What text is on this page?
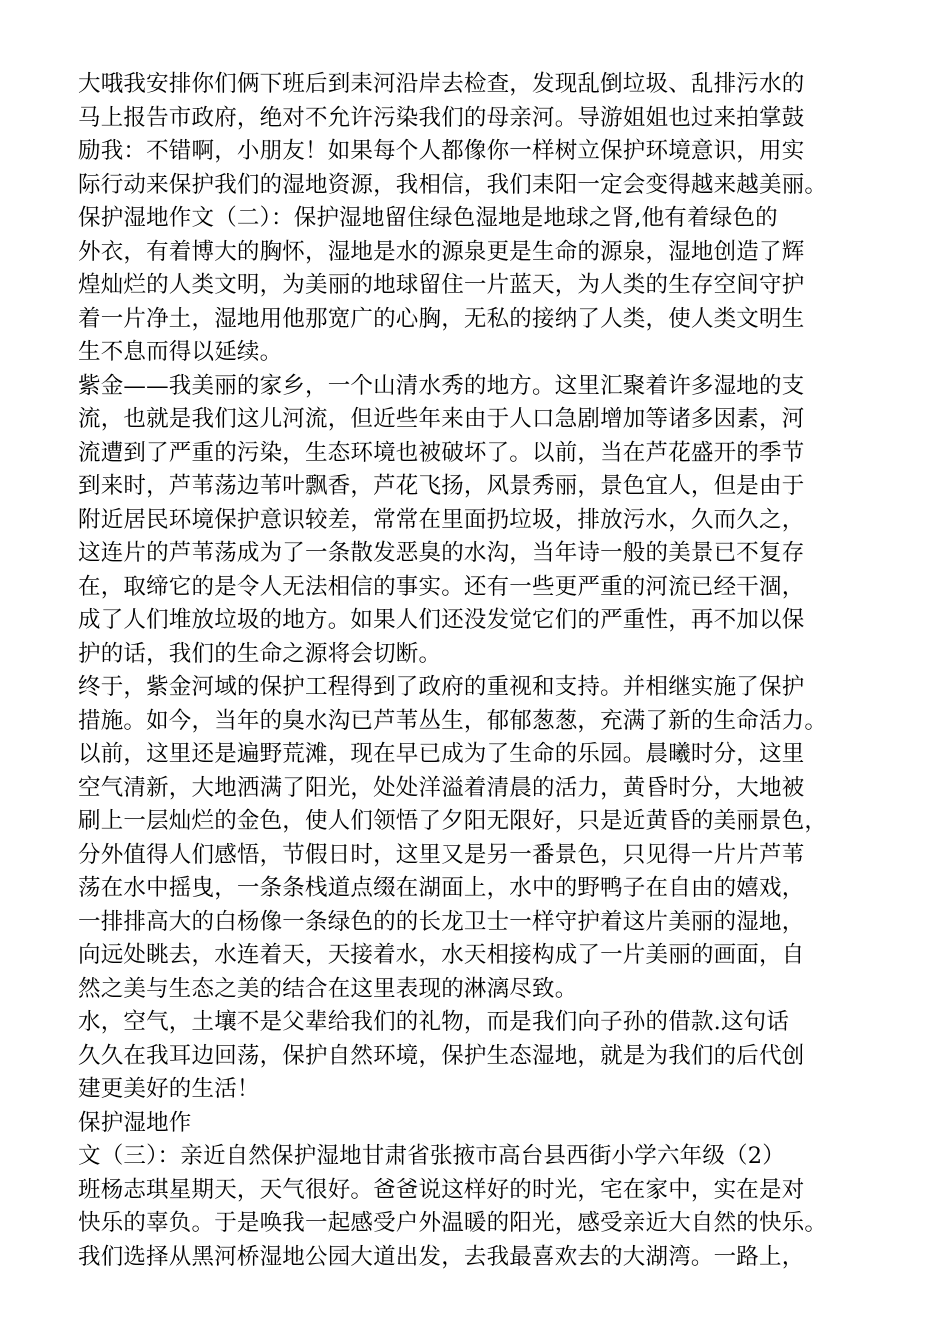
大哦我安排你们俩下班后到耒河沿岸去检查，发现乱倒垃圾、乱排污水的
马上报告市政府，绝对不允许污染我们的母亲河。导游姐姐也过来拍掌鼓
励我：不错啊，小朋友！如果每个人都像你一样树立保护环境意识，用实
际行动来保护我们的湿地资源，我相信，我们耒阳一定会变得越来越美丽。
保护湿地作文（二）：保护湿地留住绿色湿地是地球之肾,他有着绿色的
外衣，有着博大的胸怀，湿地是水的源泉更是生命的源泉，湿地创造了辉
煌灿烂的人类文明，为美丽的地球留住一片蓝天，为人类的生存空间守护
着一片净土，湿地用他那宽广的心胸，无私的接纳了人类，使人类文明生
生不息而得以延续。
紫金——我美丽的家乡，一个山清水秀的地方。这里汇聚着许多湿地的支
流，也就是我们这儿河流，但近些年来由于人口急剧增加等诸多因素，河
流遭到了严重的污染，生态环境也被破坏了。以前，当在芦花盛开的季节
到来时，芦苇荡边苇叶飘香，芦花飞扬，风景秀丽，景色宜人，但是由于
附近居民环境保护意识较差，常常在里面扔垃圾，排放污水，久而久之，
这连片的芦苇荡成为了一条散发恶臭的水沟，当年诗一般的美景已不复存
在，取缔它的是令人无法相信的事实。还有一些更严重的河流已经干涸，
成了人们堆放垃圾的地方。如果人们还没发觉它们的严重性，再不加以保
护的话，我们的生命之源将会切断。
终于，紫金河域的保护工程得到了政府的重视和支持。并相继实施了保护
措施。如今，当年的臭水沟已芦苇丛生，郁郁葱葱，充满了新的生命活力。
以前，这里还是遍野荒滩，现在早已成为了生命的乐园。晨曦时分，这里
空气清新，大地洒满了阳光，处处洋溢着清晨的活力，黄昏时分，大地被
刷上一层灿烂的金色，使人们领悟了夕阳无限好，只是近黄昏的美丽景色，
分外值得人们感悟，节假日时，这里又是另一番景色，只见得一片片芦苇
荡在水中摇曳，一条条栈道点缀在湖面上，水中的野鸭子在自由的嬉戏，
一排排高大的白杨像一条绿色的的长龙卫士一样守护着这片美丽的湿地，
向远处眺去，水连着天，天接着水，水天相接构成了一片美丽的画面，自
然之美与生态之美的结合在这里表现的淋漓尽致。
水，空气，土壤不是父辈给我们的礼物，而是我们向子孙的借款.这句话
久久在我耳边回荡，保护自然环境，保护生态湿地，就是为我们的后代创
建更美好的生活！
保护湿地作
文（三）：亲近自然保护湿地甘肃省张掖市高台县西街小学六年级（2）
班杨志琪星期天，天气很好。爸爸说这样好的时光，宅在家中，实在是对
快乐的辜负。于是唤我一起感受户外温暖的阳光，感受亲近大自然的快乐。
我们选择从黑河桥湿地公园大道出发，去我最喜欢去的大湖湾。一路上，
